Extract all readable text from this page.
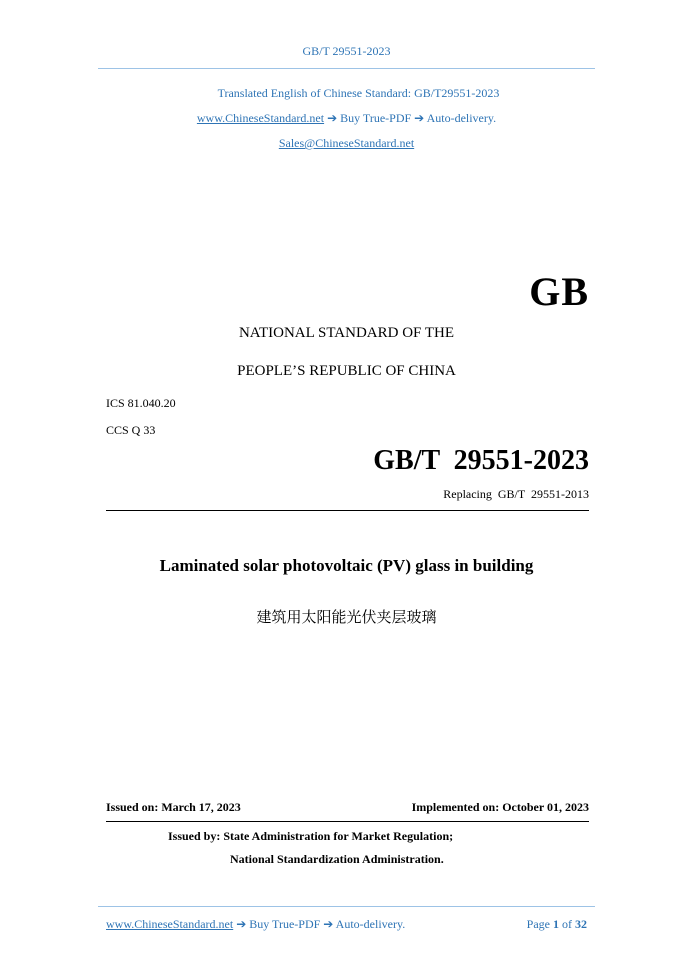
GB/T 29551-2023
Translated English of Chinese Standard: GB/T29551-2023
www.ChineseStandard.net ➔ Buy True-PDF ➔ Auto-delivery.
Sales@ChineseStandard.net
GB
NATIONAL STANDARD OF THE
PEOPLE’S REPUBLIC OF CHINA
ICS 81.040.20
CCS Q 33
GB/T  29551-2023
Replacing  GB/T  29551-2013
Laminated solar photovoltaic (PV) glass in building
建筑用太阳能光伏夹层玻璃
Issued on: March 17, 2023	Implemented on: October 01, 2023
Issued by: State Administration for Market Regulation;
National Standardization Administration.
www.ChineseStandard.net ➔ Buy True-PDF ➔ Auto-delivery.	Page 1 of 32
